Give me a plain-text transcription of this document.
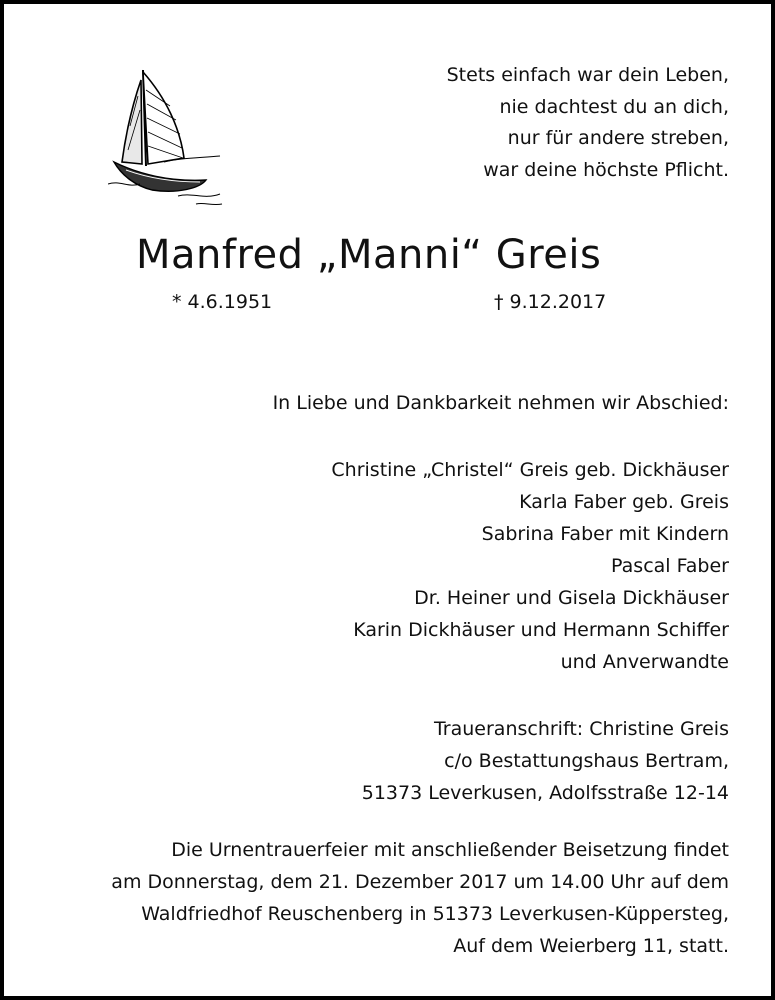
Stets einfach war dein Leben,
nie dachtest du an dich,
nur für andere streben,
war deine höchste Pflicht.
Manfred „Manni“ Greis
* 4.6.1951	† 9.12.2017
In Liebe und Dankbarkeit nehmen wir Abschied:
Christine „Christel“ Greis geb. Dickhäuser
Karla Faber geb. Greis
Sabrina Faber mit Kindern
Pascal Faber
Dr. Heiner und Gisela Dickhäuser
Karin Dickhäuser und Hermann Schiffer
und Anverwandte
Traueranschrift: Christine Greis
c/o Bestattungshaus Bertram,
51373 Leverkusen, Adolfsstraße 12-14
Die Urnentrauerfeier mit anschließender Beisetzung findet
am Donnerstag, dem 21. Dezember 2017 um 14.00 Uhr auf dem
Waldfriedhof Reuschenberg in 51373 Leverkusen-Küppersteg,
Auf dem Weierberg 11, statt.
